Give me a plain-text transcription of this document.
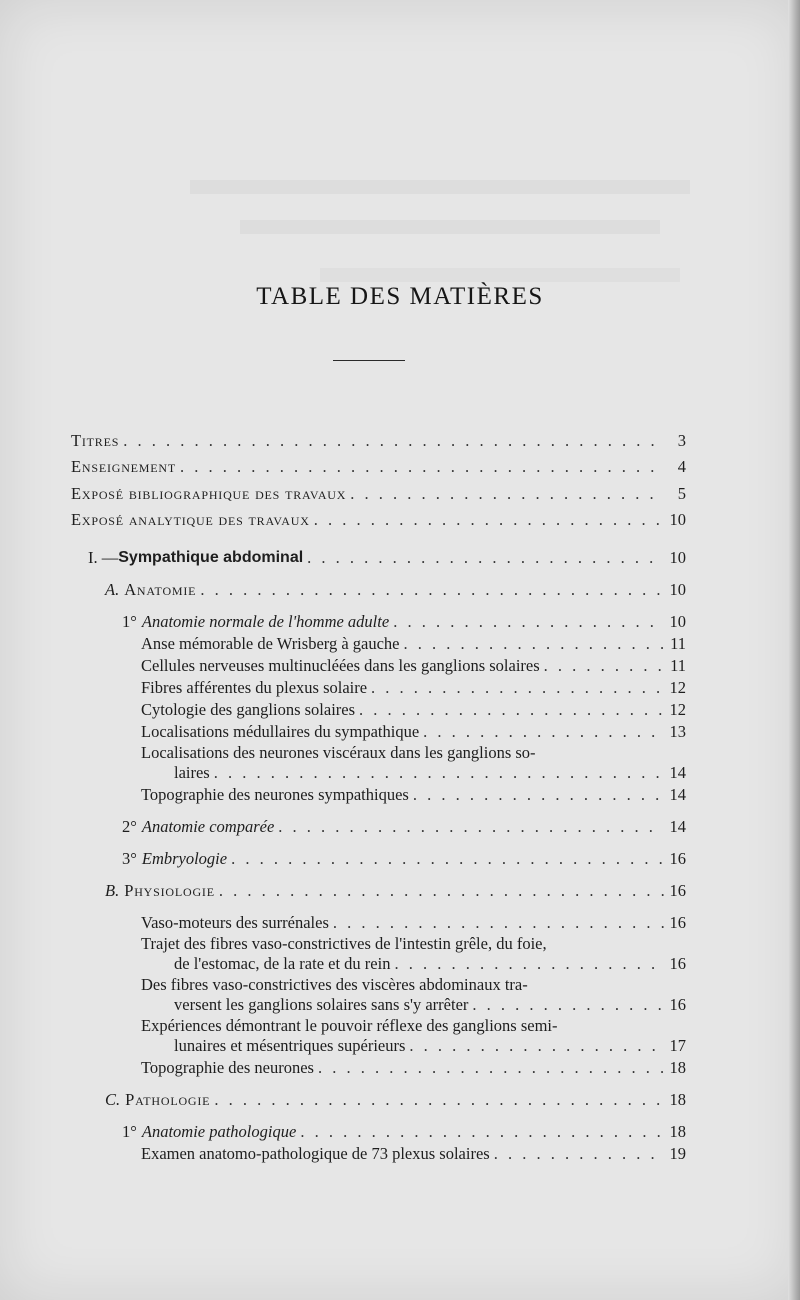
TABLE DES MATIÈRES
Titres . . .	3
Enseignement . . .	4
Exposé bibliographique des travaux . . .	5
Exposé analytique des travaux . . .	10
I. — Sympathique abdominal . . .	10
A. Anatomie . . .	10
1° Anatomie normale de l'homme adulte . . .	10
Anse mémorable de Wrisberg à gauche . . .	11
Cellules nerveuses multinucléées dans les ganglions solaires . . .	11
Fibres afférentes du plexus solaire . . .	12
Cytologie des ganglions solaires . . .	12
Localisations médullaires du sympathique . . .	13
Localisations des neurones viscéraux dans les ganglions so-
laires . . .	14
Topographie des neurones sympathiques . . .	14
2° Anatomie comparée . . .	14
3° Embryologie . . .	16
B. Physiologie . . .	16
Vaso-moteurs des surrénales . . .	16
Trajet des fibres vaso-constrictives de l'intestin grêle, du foie,
de l'estomac, de la rate et du rein . . .	16
Des fibres vaso-constrictives des viscères abdominaux tra-
versent les ganglions solaires sans s'y arrêter . . .	16
Expériences démontrant le pouvoir réflexe des ganglions semi-
lunaires et mésentriques supérieurs . . .	17
Topographie des neurones . . .	18
C. Pathologie . . .	18
1° Anatomie pathologique . . .	18
Examen anatomo-pathologique de 73 plexus solaires . . .	19
